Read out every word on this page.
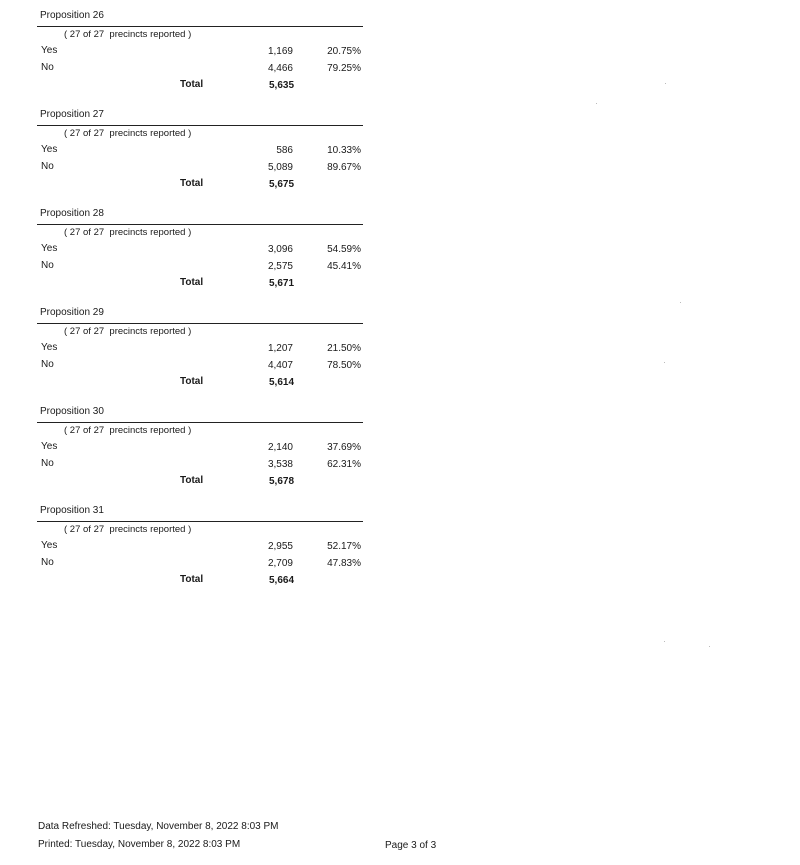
Proposition 26
( 27 of 27  precincts reported )
Yes	1,169	20.75%
No	4,466	79.25%
Total	5,635
Proposition 27
( 27 of 27  precincts reported )
Yes	586	10.33%
No	5,089	89.67%
Total	5,675
Proposition 28
( 27 of 27  precincts reported )
Yes	3,096	54.59%
No	2,575	45.41%
Total	5,671
Proposition 29
( 27 of 27  precincts reported )
Yes	1,207	21.50%
No	4,407	78.50%
Total	5,614
Proposition 30
( 27 of 27  precincts reported )
Yes	2,140	37.69%
No	3,538	62.31%
Total	5,678
Proposition 31
( 27 of 27  precincts reported )
Yes	2,955	52.17%
No	2,709	47.83%
Total	5,664
Data Refreshed: Tuesday, November 8, 2022 8:03 PM
Printed: Tuesday, November 8, 2022 8:03 PM	Page 3 of 3
